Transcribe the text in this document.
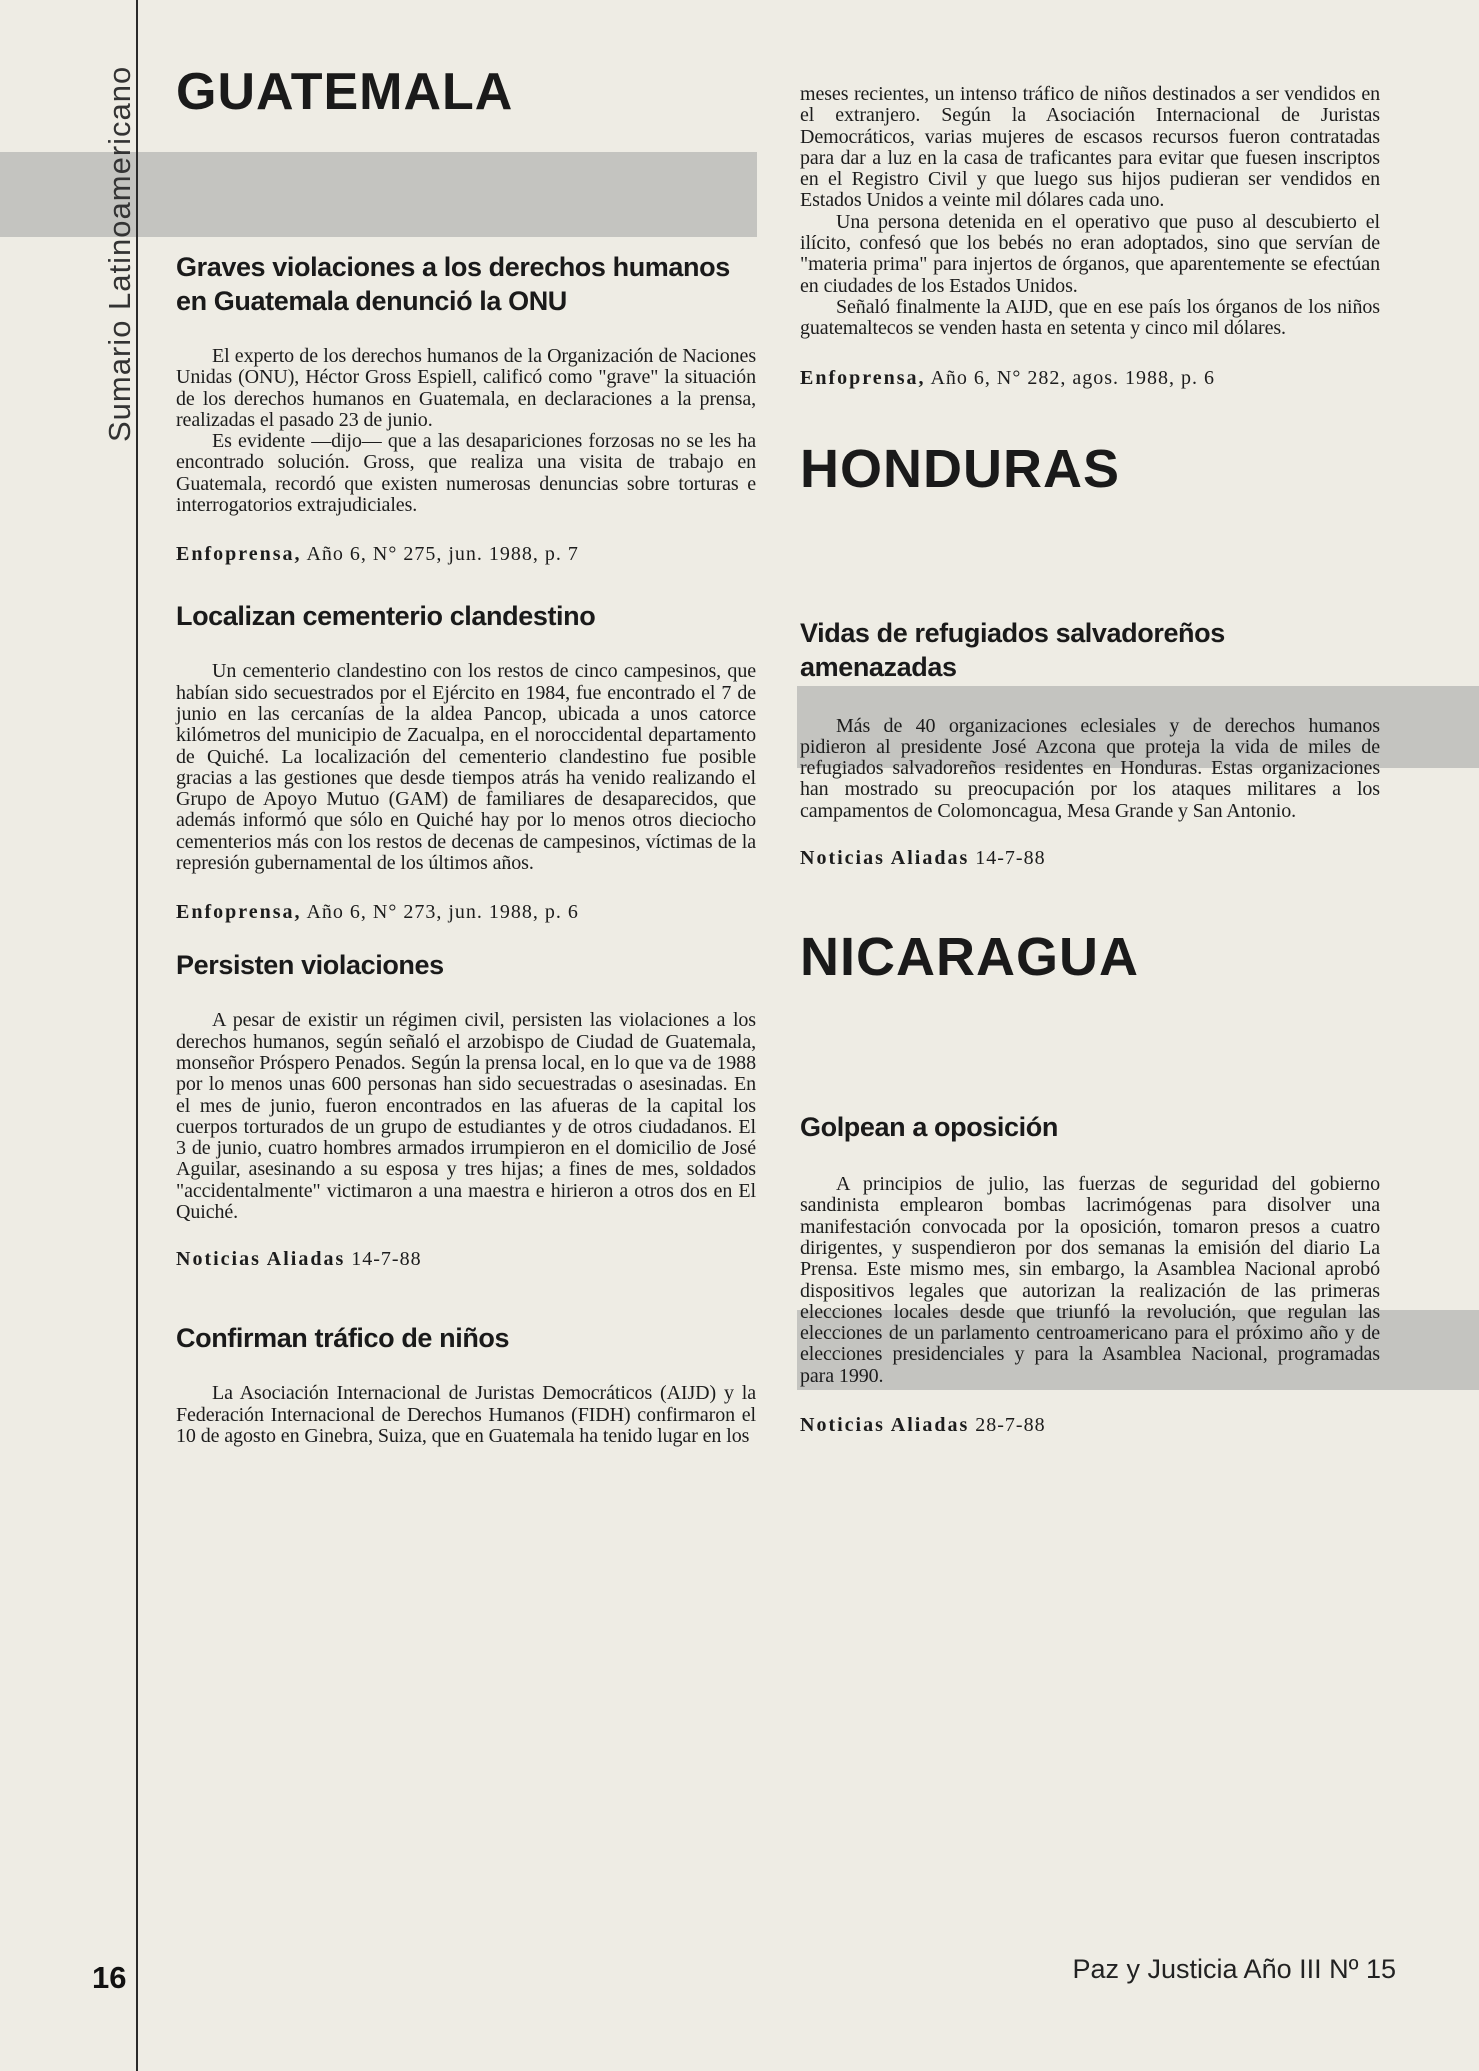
Sumario Latinoamericano
16	Paz y Justicia Año III Nº 15
GUATEMALA
Graves violaciones a los derechos humanos en Guatemala denunció la ONU

El experto de los derechos humanos de la Organización de Naciones Unidas (ONU), Héctor Gross Espiell, calificó como "grave" la situación de los derechos humanos en Guatemala, en declaraciones a la prensa, realizadas el pasado 23 de junio.

Es evidente —dijo— que a las desapariciones forzosas no se les ha encontrado solución. Gross, que realiza una visita de trabajo en Guatemala, recordó que existen numerosas denuncias sobre torturas e interrogatorios extrajudiciales.

Enfoprensa, Año 6, N° 275, jun. 1988, p. 7

Localizan cementerio clandestino

Un cementerio clandestino con los restos de cinco campesinos, que habían sido secuestrados por el Ejército en 1984, fue encontrado el 7 de junio en las cercanías de la aldea Pancop, ubicada a unos catorce kilómetros del municipio de Zacualpa, en el noroccidental departamento de Quiché. La localización del cementerio clandestino fue posible gracias a las gestiones que desde tiempos atrás ha venido realizando el Grupo de Apoyo Mutuo (GAM) de familiares de desaparecidos, que además informó que sólo en Quiché hay por lo menos otros dieciocho cementerios más con los restos de decenas de campesinos, víctimas de la represión gubernamental de los últimos años.

Enfoprensa, Año 6, N° 273, jun. 1988, p. 6

Persisten violaciones

A pesar de existir un régimen civil, persisten las violaciones a los derechos humanos, según señaló el arzobispo de Ciudad de Guatemala, monseñor Próspero Penados. Según la prensa local, en lo que va de 1988 por lo menos unas 600 personas han sido secuestradas o asesinadas. En el mes de junio, fueron encontrados en las afueras de la capital los cuerpos torturados de un grupo de estudiantes y de otros ciudadanos. El 3 de junio, cuatro hombres armados irrumpieron en el domicilio de José Aguilar, asesinando a su esposa y tres hijas; a fines de mes, soldados "accidentalmente" victimaron a una maestra e hirieron a otros dos en El Quiché.

Noticias Aliadas 14-7-88

Confirman tráfico de niños

La Asociación Internacional de Juristas Democráticos (AIJD) y la Federación Internacional de Derechos Humanos (FIDH) confirmaron el 10 de agosto en Ginebra, Suiza, que en Guatemala ha tenido lugar en los

meses recientes, un intenso tráfico de niños destinados a ser vendidos en el extranjero. Según la Asociación Internacional de Juristas Democráticos, varias mujeres de escasos recursos fueron contratadas para dar a luz en la casa de traficantes para evitar que fuesen inscriptos en el Registro Civil y que luego sus hijos pudieran ser vendidos en Estados Unidos a veinte mil dólares cada uno.

Una persona detenida en el operativo que puso al descubierto el ilícito, confesó que los bebés no eran adoptados, sino que servían de "materia prima" para injertos de órganos, que aparentemente se efectúan en ciudades de los Estados Unidos.

Señaló finalmente la AIJD, que en ese país los órganos de los niños guatemaltecos se venden hasta en setenta y cinco mil dólares.

Enfoprensa, Año 6, N° 282, agos. 1988, p. 6

HONDURAS
Vidas de refugiados salvadoreños amenazadas

Más de 40 organizaciones eclesiales y de derechos humanos pidieron al presidente José Azcona que proteja la vida de miles de refugiados salvadoreños residentes en Honduras. Estas organizaciones han mostrado su preocupación por los ataques militares a los campamentos de Colomoncagua, Mesa Grande y San Antonio.

Noticias Aliadas 14-7-88

NICARAGUA
Golpean a oposición

A principios de julio, las fuerzas de seguridad del gobierno sandinista emplearon bombas lacrimógenas para disolver una manifestación convocada por la oposición, tomaron presos a cuatro dirigentes, y suspendieron por dos semanas la emisión del diario La Prensa. Este mismo mes, sin embargo, la Asamblea Nacional aprobó dispositivos legales que autorizan la realización de las primeras elecciones locales desde que triunfó la revolución, que regulan las elecciones de un parlamento centroamericano para el próximo año y de elecciones presidenciales y para la Asamblea Nacional, programadas para 1990.

Noticias Aliadas 28-7-88
